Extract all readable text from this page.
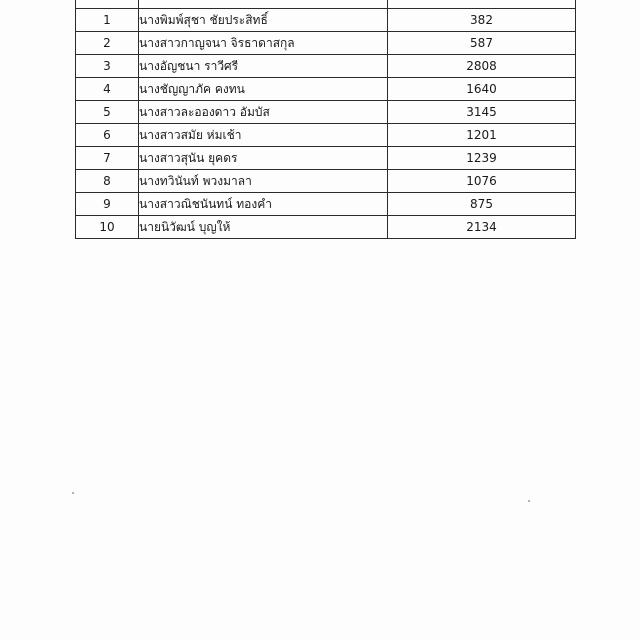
1	นางพิมพ์สุชา ชัยประสิทธิ์	382
2	นางสาวกาญจนา จิรธาดาสกุล	587
3	นางอัญชนา ราวีศรี	2808
4	นางชัญญาภัค คงทน	1640
5	นางสาวละอองดาว อัมบัส	3145
6	นางสาวสมัย ห่มเช้า	1201
7	นางสาวสุนัน ยุคดร	1239
8	นางทวินันท์ พวงมาลา	1076
9	นางสาวณิชนันทน์ ทองคำ	875
10	นายนิวัฒน์ บุญให้	2134
